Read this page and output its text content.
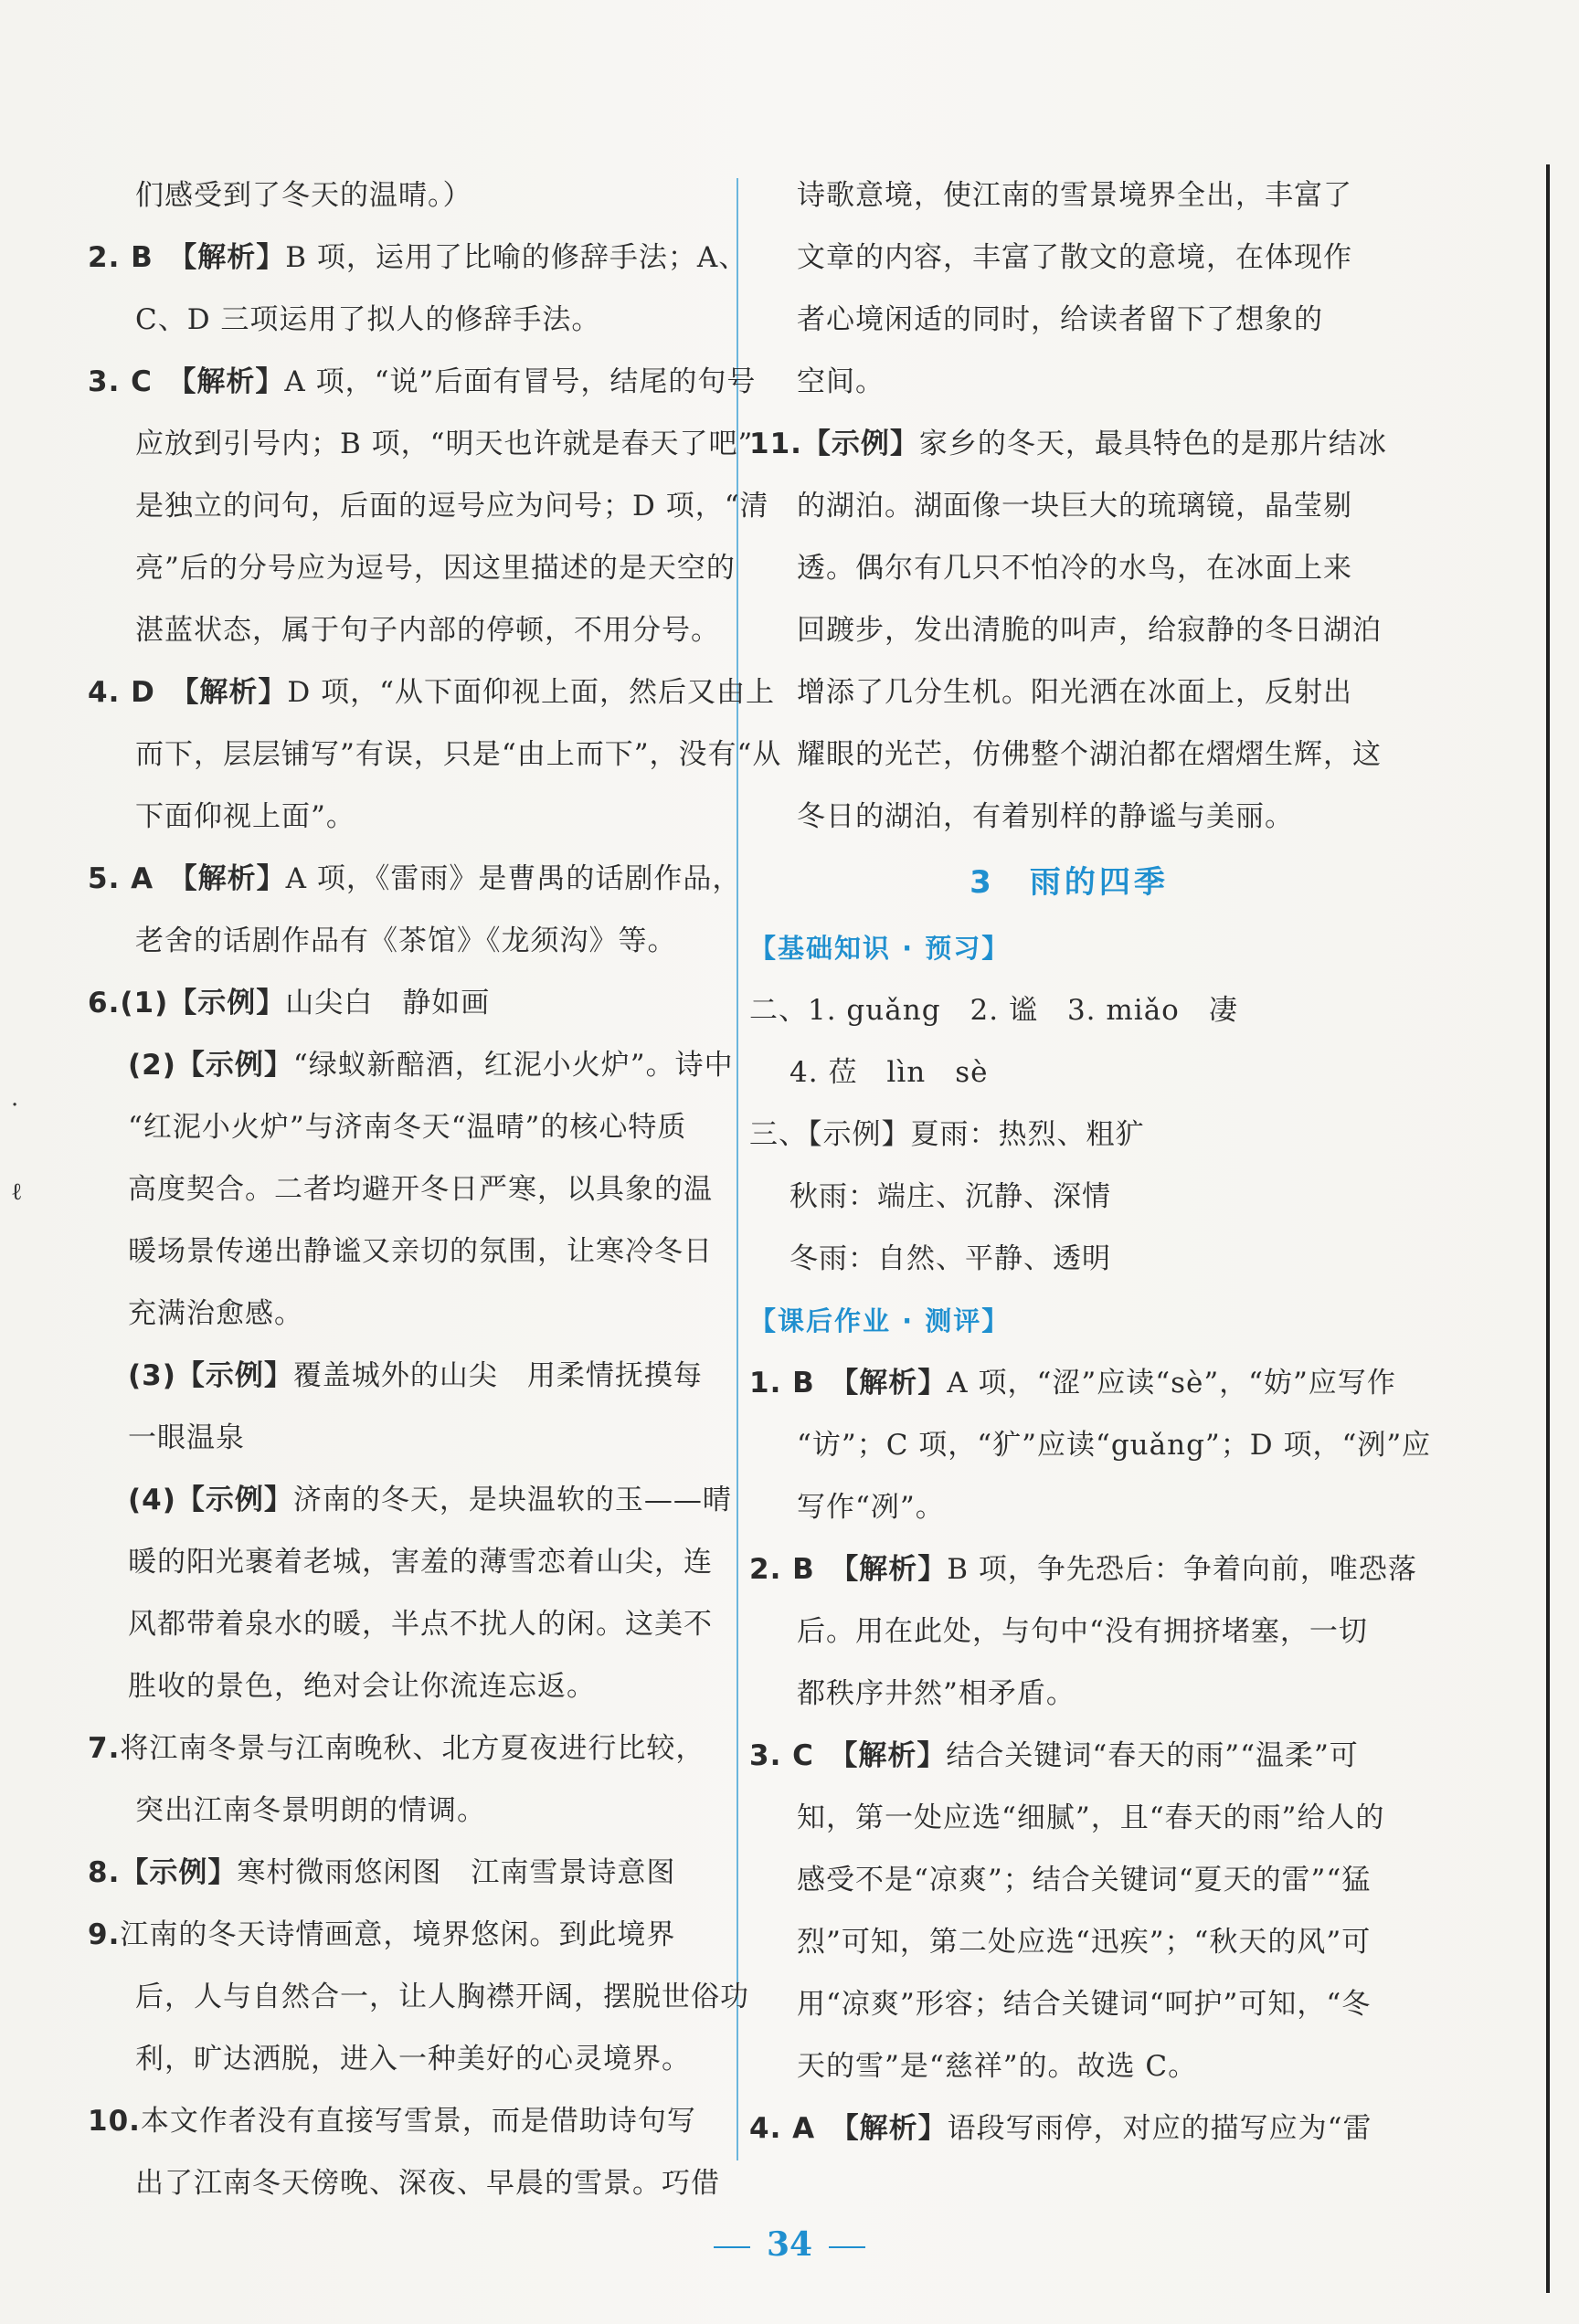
·
ℓ
们感受到了冬天的温晴。）
2. B　【解析】B 项，运用了比喻的修辞手法；A、
C、D 三项运用了拟人的修辞手法。
3. C　【解析】A 项，“说”后面有冒号，结尾的句号
应放到引号内；B 项，“明天也许就是春天了吧”
是独立的问句，后面的逗号应为问号；D 项，“清
亮”后的分号应为逗号，因这里描述的是天空的
湛蓝状态，属于句子内部的停顿，不用分号。
4. D　【解析】D 项，“从下面仰视上面，然后又由上
而下，层层铺写”有误，只是“由上而下”，没有“从
下面仰视上面”。
5. A　【解析】A 项，《雷雨》是曹禺的话剧作品，
老舍的话剧作品有《茶馆》《龙须沟》等。
6.(1)【示例】山尖白　静如画
(2)【示例】“绿蚁新醅酒，红泥小火炉”。诗中
“红泥小火炉”与济南冬天“温晴”的核心特质
高度契合。二者均避开冬日严寒，以具象的温
暖场景传递出静谧又亲切的氛围，让寒冷冬日
充满治愈感。
(3)【示例】覆盖城外的山尖　用柔情抚摸每
一眼温泉
(4)【示例】济南的冬天，是块温软的玉——晴
暖的阳光裹着老城，害羞的薄雪恋着山尖，连
风都带着泉水的暖，半点不扰人的闲。这美不
胜收的景色，绝对会让你流连忘返。
7.将江南冬景与江南晚秋、北方夏夜进行比较，
突出江南冬景明朗的情调。
8.【示例】寒村微雨悠闲图　江南雪景诗意图
9.江南的冬天诗情画意，境界悠闲。到此境界
后，人与自然合一，让人胸襟开阔，摆脱世俗功
利，旷达洒脱，进入一种美好的心灵境界。
10.本文作者没有直接写雪景，而是借助诗句写
出了江南冬天傍晚、深夜、早晨的雪景。巧借
诗歌意境，使江南的雪景境界全出，丰富了
文章的内容，丰富了散文的意境，在体现作
者心境闲适的同时，给读者留下了想象的
空间。
11.【示例】家乡的冬天，最具特色的是那片结冰
的湖泊。湖面像一块巨大的琉璃镜，晶莹剔
透。偶尔有几只不怕冷的水鸟，在冰面上来
回踱步，发出清脆的叫声，给寂静的冬日湖泊
增添了几分生机。阳光洒在冰面上，反射出
耀眼的光芒，仿佛整个湖泊都在熠熠生辉，这
冬日的湖泊，有着别样的静谧与美丽。
3　雨的四季
【基础知识 · 预习】
二、1. guǎng　2. 谧　3. miǎo　凄
4. 莅　lìn　sè
三、【示例】夏雨：热烈、粗犷
秋雨：端庄、沉静、深情
冬雨：自然、平静、透明
【课后作业 · 测评】
1. B　【解析】A 项，“涩”应读“sè”，“妨”应写作
“访”；C 项，“犷”应读“guǎng”；D 项，“洌”应
写作“冽”。
2. B　【解析】B 项，争先恐后：争着向前，唯恐落
后。用在此处，与句中“没有拥挤堵塞，一切
都秩序井然”相矛盾。
3. C　【解析】结合关键词“春天的雨”“温柔”可
知，第一处应选“细腻”，且“春天的雨”给人的
感受不是“凉爽”；结合关键词“夏天的雷”“猛
烈”可知，第二处应选“迅疾”；“秋天的风”可
用“凉爽”形容；结合关键词“呵护”可知，“冬
天的雪”是“慈祥”的。故选 C。
4. A　【解析】语段写雨停，对应的描写应为“雷
34
